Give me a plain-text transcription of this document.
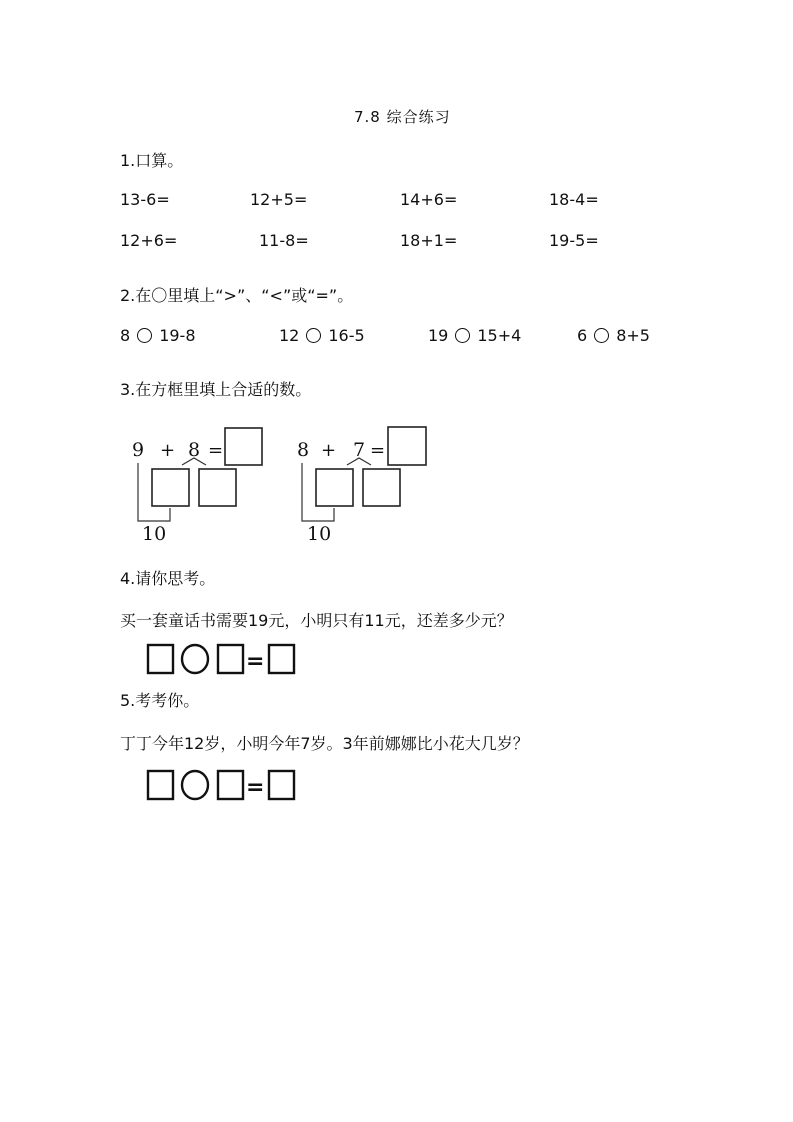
7.8 综合练习
1.口算。
13-6=	12+5=	14+6=	18-4=
12+6=	11-8=	18+1=	19-5=
2.在〇里填上“>”、“<”或“=”。
8 19-8	12 16-5	19 15+4	6 8+5
3.在方框里填上合适的数。
9 + 8 =
10
8 + 7 =
10
4.请你思考。
买一套童话书需要19元，小明只有11元，还差多少元？
=
5.考考你。
丁丁今年12岁，小明今年7岁。3年前娜娜比小花大几岁？
=
